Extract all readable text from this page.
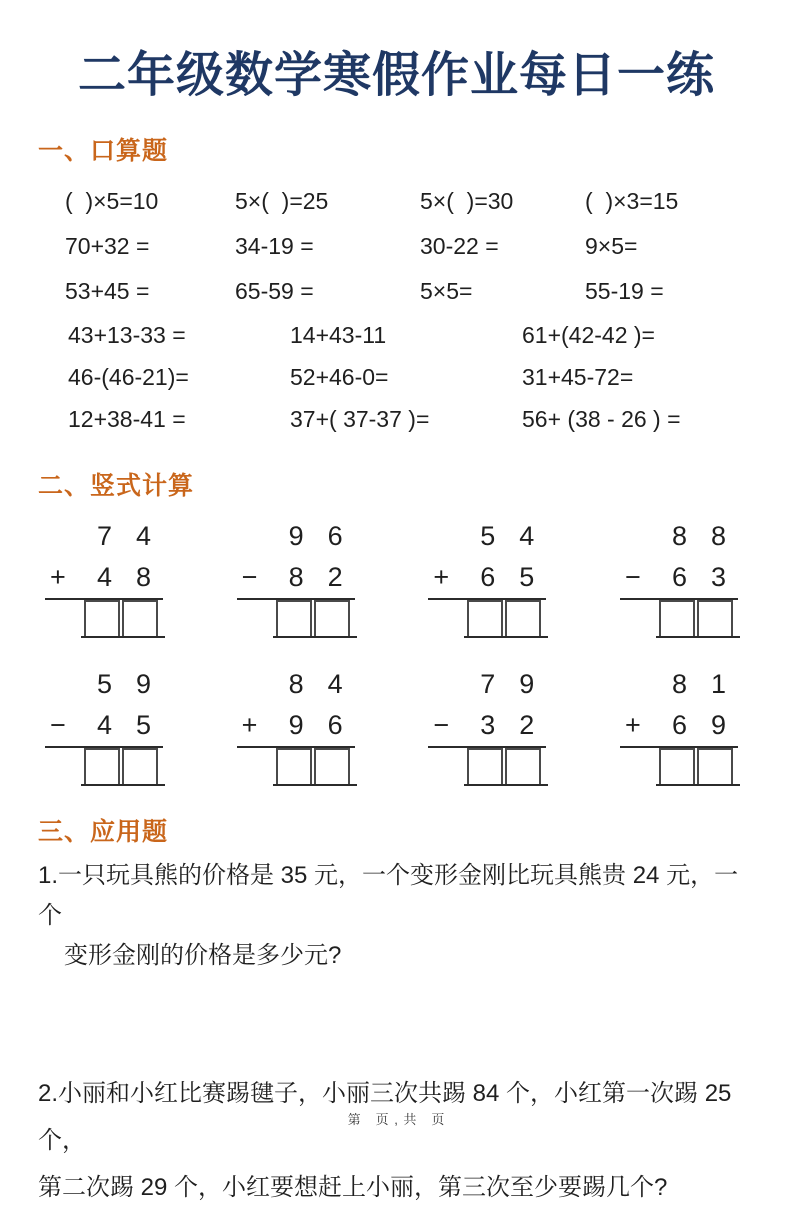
二年级数学寒假作业每日一练
一、口算题
(  )×5=10	5×(  )=25	5×(  )=30	(  )×3=15
70+32 =	34-19 =	30-22 =	9×5=
53+45 =	65-59 =	5×5=	55-19 =
43+13-33 =	14+43-11	61+(42-42 )=
46-(46-21)=	52+46-0=	31+45-72=
12+38-41 =	37+( 37-37 )=	56+ (38 - 26 ) =
二、竖式计算
7 4
+	4 8
9 6
−	8 2
5 4
+	6 5
8 8
−	6 3
5 9
−	4 5
8 4
+	9 6
7 9
−	3 2
8 1
+	6 9
三、应用题
1.一只玩具熊的价格是 35 元，一个变形金刚比玩具熊贵 24 元，一个
变形金刚的价格是多少元?
2.小丽和小红比赛踢毽子，小丽三次共踢 84 个，小红第一次踢 25 个，
第二次踢 29 个，小红要想赶上小丽，第三次至少要踢几个?
第　页 , 共　页
